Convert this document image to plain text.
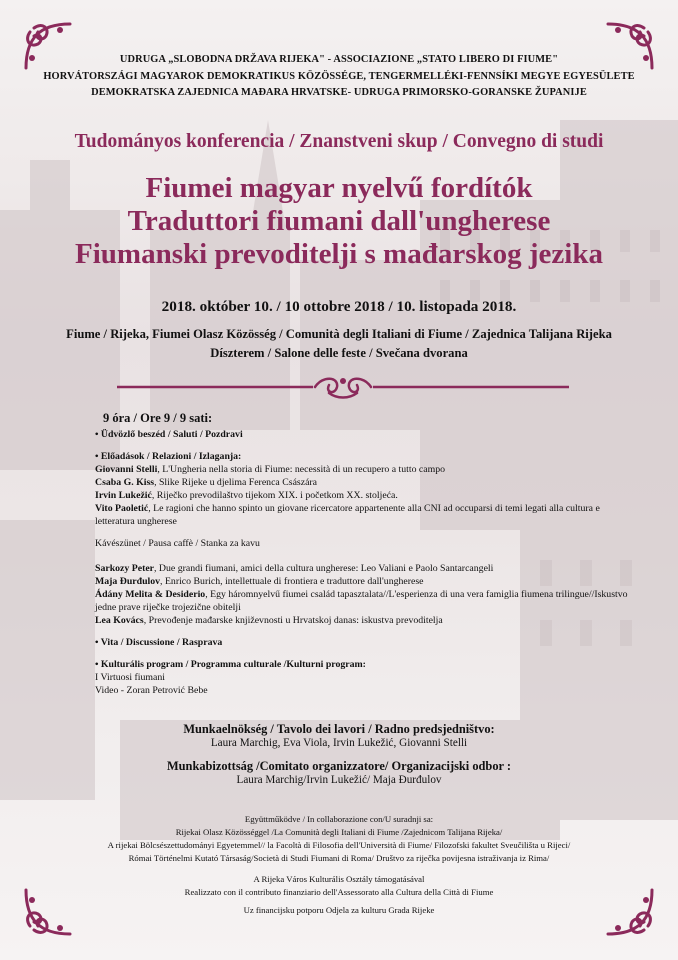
UDRUGA „SLOBODNA DRŽAVA RIJEKA" - ASSOCIAZIONE „STATO LIBERO DI FIUME"
HORVÁTORSZÁGI MAGYAROK DEMOKRATIKUS KÖZÖSSÉGE, TENGERMELLÉKI-FENNSÍKI MEGYE EGYESÜLETE
DEMOKRATSKA ZAJEDNICA MAĐARA HRVATSKE- UDRUGA PRIMORSKO-GORANSKE ŽUPANIJE
Tudományos konferencia / Znanstveni skup / Convegno di studi
Fiumei magyar nyelvű fordítók
Traduttori fiumani dall'ungherese
Fiumanski prevoditelji s mađarskog jezika
2018. október 10. / 10 ottobre 2018 / 10. listopada 2018.
Fiume / Rijeka, Fiumei Olasz Közösség / Comunità degli Italiani di Fiume / Zajednica Talijana Rijeka
Díszterem / Salone delle feste / Svečana dvorana
9 óra / Ore 9 / 9 sati:
• Üdvözlő beszéd / Saluti / Pozdravi
• Előadások / Relazioni / Izlaganja:
Giovanni Stelli, L'Ungheria nella storia di Fiume: necessità di un recupero a tutto campo
Csaba G. Kiss, Slike Rijeke u djelima Ferenca Császára
Irvin Lukežić, Riječko prevodilaštvo tijekom XIX. i početkom XX. stoljeća.
Vito Paoletić, Le ragioni che hanno spinto un giovane ricercatore appartenente alla CNI ad occuparsi di temi legati alla cultura e letteratura ungherese
Kávészünet / Pausa caffè / Stanka za kavu
Sarkozy Peter, Due grandi fiumani, amici della cultura ungherese: Leo Valiani e Paolo Santarcangeli
Maja Đurđulov, Enrico Burich, intellettuale di frontiera e traduttore dall'ungherese
Ádány Melita & Desiderio, Egy háromnyelvű fiumei család tapasztalata//L'esperienza di una vera famiglia fiumena trilingue//Iskustvo jedne prave riječke trojezične obitelji
Lea Kovács, Prevođenje mađarske književnosti u Hrvatskoj danas: iskustva prevoditelja
• Vita / Discussione / Rasprava
• Kulturális program / Programma culturale /Kulturni program:
I Virtuosi fiumani
Video - Zoran Petrović Bebe
Munkaelnökség / Tavolo dei lavori / Radno predsjedništvo:
Laura Marchig, Eva Viola, Irvin Lukežić, Giovanni Stelli
Munkabizottság /Comitato organizzatore/ Organizacijski odbor :
Laura Marchig/Irvin Lukežić/ Maja Đurđulov
Együttműködve / In collaborazione con/U suradnji sa:
Rijekai Olasz Közösséggel /La Comunità degli Italiani di Fiume /Zajednicom Talijana Rijeka/
A rijekai Bölcsészettudományi Egyetemmel// la Facoltà di Filosofia dell'Università di Fiume/ Filozofski fakultet Sveučilišta u Rijeci/
Római Történelmi Kutató Társaság/Società di Studi Fiumani di Roma/ Društvo za riječka povijesna istraživanja iz Rima/
A Rijeka Város Kulturális Osztály támogatásával
Realizzato con il contributo finanziario dell'Assessorato alla Cultura della Città di Fiume
Uz financijsku potporu Odjela za kulturu Grada Rijeke
